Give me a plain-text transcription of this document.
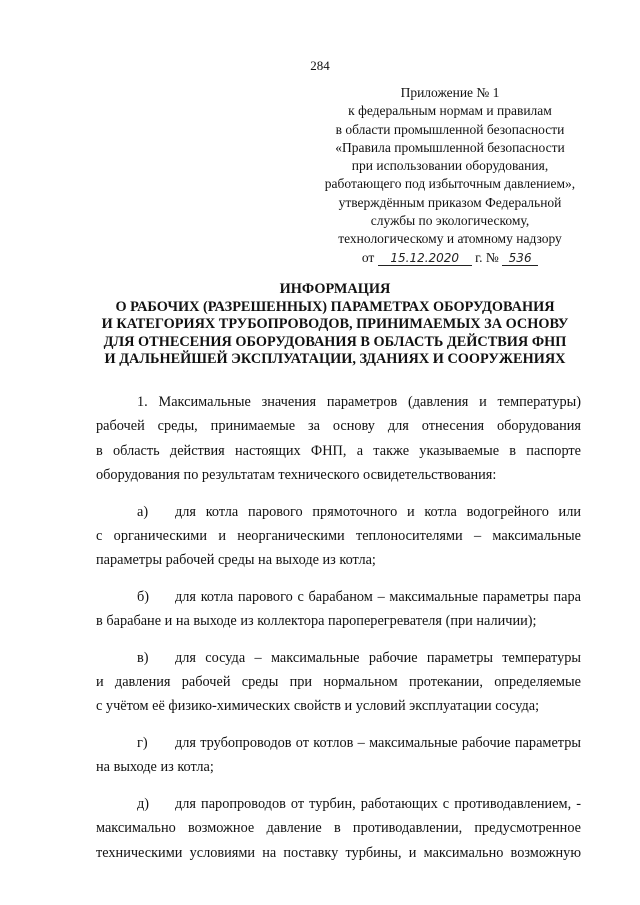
284
Приложение № 1
к федеральным нормам и правилам
в области промышленной безопасности
«Правила промышленной безопасности
при использовании оборудования,
работающего под избыточным давлением»,
утверждённым приказом Федеральной
службы по экологическому,
технологическому и атомному надзору
от 15.12.2020 г. № 536
ИНФОРМАЦИЯ
О РАБОЧИХ (РАЗРЕШЕННЫХ) ПАРАМЕТРАХ ОБОРУДОВАНИЯ
И КАТЕГОРИЯХ ТРУБОПРОВОДОВ, ПРИНИМАЕМЫХ ЗА ОСНОВУ
ДЛЯ ОТНЕСЕНИЯ ОБОРУДОВАНИЯ В ОБЛАСТЬ ДЕЙСТВИЯ ФНП
И ДАЛЬНЕЙШЕЙ ЭКСПЛУАТАЦИИ, ЗДАНИЯХ И СООРУЖЕНИЯХ

1. Максимальные значения параметров (давления и температуры)

рабочей среды, принимаемые за основу для отнесения оборудования

в область действия настоящих ФНП, а также указываемые в паспорте

оборудования по результатам технического освидетельствования:

а) для котла парового прямоточного и котла водогрейного или

с органическими и неорганическими теплоносителями – максимальные

параметры рабочей среды на выходе из котла;

б) для котла парового с барабаном – максимальные параметры пара

в барабане и на выходе из коллектора пароперегревателя (при наличии);

в) для сосуда – максимальные рабочие параметры температуры

и давления рабочей среды при нормальном протекании, определяемые

с учётом её физико-химических свойств и условий эксплуатации сосуда;

г) для трубопроводов от котлов – максимальные рабочие параметры

на выходе из котла;

д) для паропроводов от турбин, работающих с противодавлением, -

максимально возможное давление в противодавлении, предусмотренное

техническими условиями на поставку турбины, и максимально возможную
